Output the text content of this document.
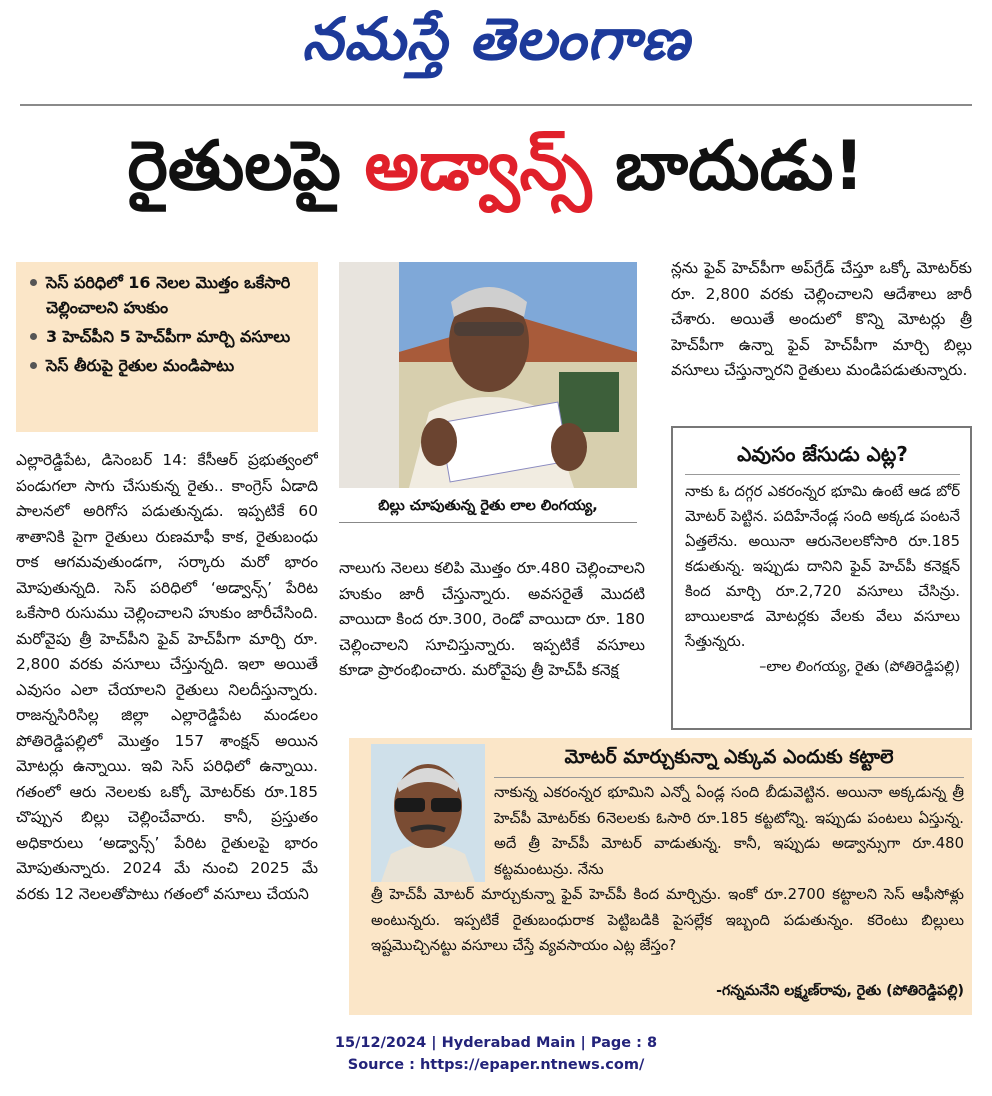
నమస్తే తెలంగాణ
రైతులపై అడ్వాన్స్ బాదుడు!
సెస్ పరిధిలో 16 నెలల మొత్తం ఒకేసారి చెల్లించాలని హుకుం
3 హెచ్‌పీని 5 హెచ్‌పీగా మార్చి వసూలు
సెస్ తీరుపై రైతుల మండిపాటు

ఎల్లారెడ్డిపేట, డిసెంబర్ 14: కేసీఆర్ ప్రభుత్వంలో పండుగలా సాగు చేసుకున్న రైతు.. కాంగ్రెస్ ఏడాది పాలనలో అరిగోస పడుతున్నడు. ఇప్పటికే 60 శాతానికి పైగా రైతులు రుణమాఫీ కాక, రైతుబంధు రాక ఆగమవుతుండగా, సర్కారు మరో భారం మోపుతున్నది. సెస్ పరిధిలో ‘అడ్వాన్స్’ పేరిట ఒకేసారి రుసుము చెల్లించాలని హుకుం జారీచేసింది. మరోవైపు త్రీ హెచ్‌పీని ఫైవ్ హెచ్‌పీగా మార్చి రూ. 2,800 వరకు వసూలు చేస్తున్నది. ఇలా అయితే ఎవుసం ఎలా చేయాలని రైతులు నిలదీస్తున్నారు. రాజన్నసిరిసిల్ల జిల్లా ఎల్లారెడ్డిపేట మండలం పోతిరెడ్డిపల్లిలో మొత్తం 157 శాంక్షన్ అయిన మోటర్లు ఉన్నాయి. ఇవి సెస్ పరిధిలో ఉన్నాయి. గతంలో ఆరు నెలలకు ఒక్కో మోటర్‌కు రూ.185 చొప్పున బిల్లు చెల్లించేవారు. కానీ, ప్రస్తుతం అధికారులు ‘అడ్వాన్స్’ పేరిట రైతులపై భారం మోపుతున్నారు. 2024 మే నుంచి 2025 మే వరకు 12 నెలలతోపాటు గతంలో వసూలు చేయని

బిల్లు చూపుతున్న రైతు లాల లింగయ్య,

నాలుగు నెలలు కలిపి మొత్తం రూ.480 చెల్లించాలని హుకుం జారీ చేస్తున్నారు. అవసరైతే మొదటి వాయిదా కింద రూ.300, రెండో వాయిదా రూ. 180 చెల్లించాలని సూచిస్తున్నారు. ఇప్పటికే వసూలు కూడా ప్రారంభించారు. మరోవైపు త్రీ హెచ్‌పీ కనెక్ష

న్లను ఫైవ్ హెచ్‌పీగా అప్‌గ్రేడ్ చేస్తూ ఒక్కో మోటర్‌కు రూ. 2,800 వరకు చెల్లించాలని ఆదేశాలు జారీ చేశారు. అయితే అందులో కొన్ని మోటర్లు త్రీ హెచ్‌పీగా ఉన్నా ఫైవ్ హెచ్‌పీగా మార్చి బిల్లు వసూలు చేస్తున్నారని రైతులు మండిపడుతున్నారు.

ఎవుసం జేసుడు ఎట్ల?
నాకు ఓ దగ్గర ఎకరంన్నర భూమి ఉంటే ఆడ బోర్ మోటర్ పెట్టిన. పదిహేనేండ్ల సంది అక్కడ పంటనే ఏత్తలేను. అయినా ఆరునెలలకోసారి రూ.185 కడుతున్న. ఇప్పుడు దానిని ఫైవ్ హెచ్‌పీ కనెక్షన్ కింద మార్చి రూ.2,720 వసూలు చేసిన్రు. బాయిలకాడ మోటర్లకు వేలకు వేలు వసూలు సేత్తున్నరు.
–లాల లింగయ్య, రైతు (పోతిరెడ్డిపల్లి)
మోటర్ మార్చుకున్నా ఎక్కువ ఎందుకు కట్టాలె
నాకున్న ఎకరంన్నర భూమిని ఎన్నో ఏండ్ల సంది బీడువెట్టిన. అయినా అక్కడున్న త్రీ హెచ్‌పీ మోటర్‌కు 6నెలలకు ఓసారి రూ.185 కట్టటోన్ని. ఇప్పుడు పంటలు ఏస్తున్న. అదే త్రీ హెచ్‌పీ మోటర్ వాడుతున్న. కానీ, ఇప్పుడు అడ్వాన్సుగా రూ.480 కట్టమంటున్రు. నేను
త్రీ హెచ్‌పీ మోటర్ మార్చుకున్నా ఫైవ్ హెచ్‌పీ కింద మార్చిన్రు. ఇంకో రూ.2700 కట్టాలని సెస్ ఆఫీసోళ్లు అంటున్నరు. ఇప్పటికే రైతుబంధురాక పెట్టిబడికి పైసల్లేక ఇబ్బంది పడుతున్నం. కరెంటు బిల్లులు ఇష్టమొచ్చినట్టు వసూలు చేస్తే వ్యవసాయం ఎట్ల జేస్తం?
-గన్నమనేని లక్ష్మణ్‌రావు, రైతు (పోతిరెడ్డిపల్లి)
15/12/2024 | Hyderabad Main | Page : 8
Source : https://epaper.ntnews.com/
